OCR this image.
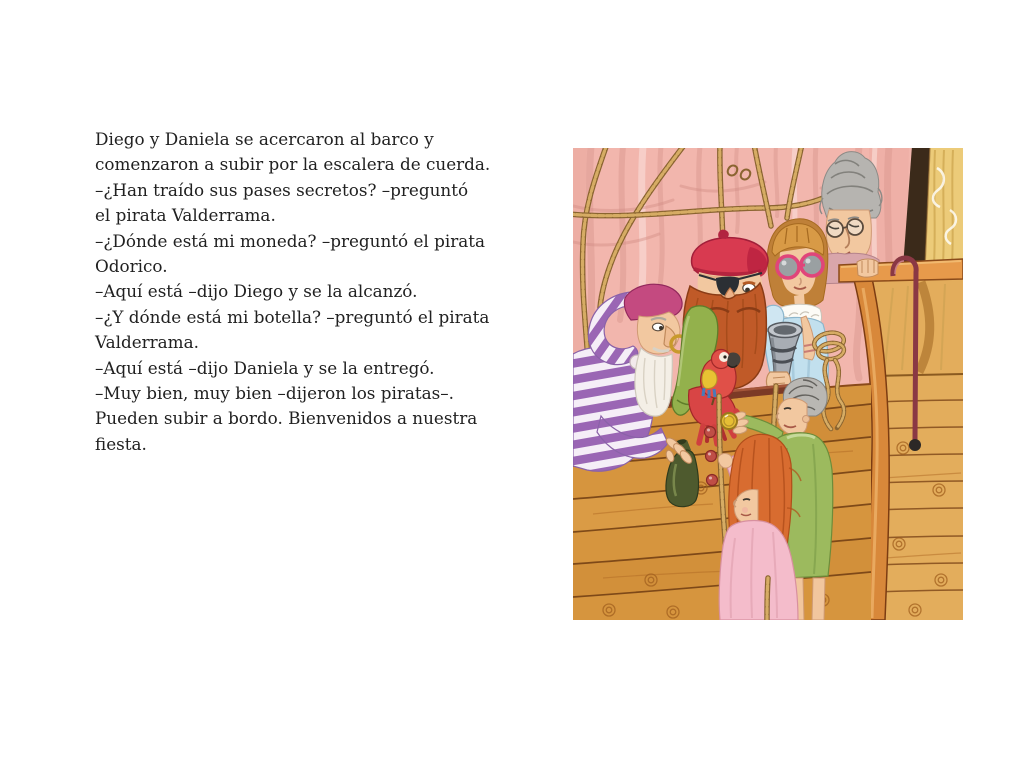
Diego y Daniela se acercaron al barco y
comenzaron a subir por la escalera de cuerda.
–¿Han traído sus pases secretos? –preguntó
el pirata Valderrama.
–¿Dónde está mi moneda? –preguntó el pirata
Odorico.
–Aquí está –dijo Diego y se la alcanzó.
–¿Y dónde está mi botella? –preguntó el pirata
Valderrama.
–Aquí está –dijo Daniela y se la entregó.
–Muy bien, muy bien –dijeron los piratas–.
Pueden subir a bordo. Bienvenidos a nuestra
fiesta.
